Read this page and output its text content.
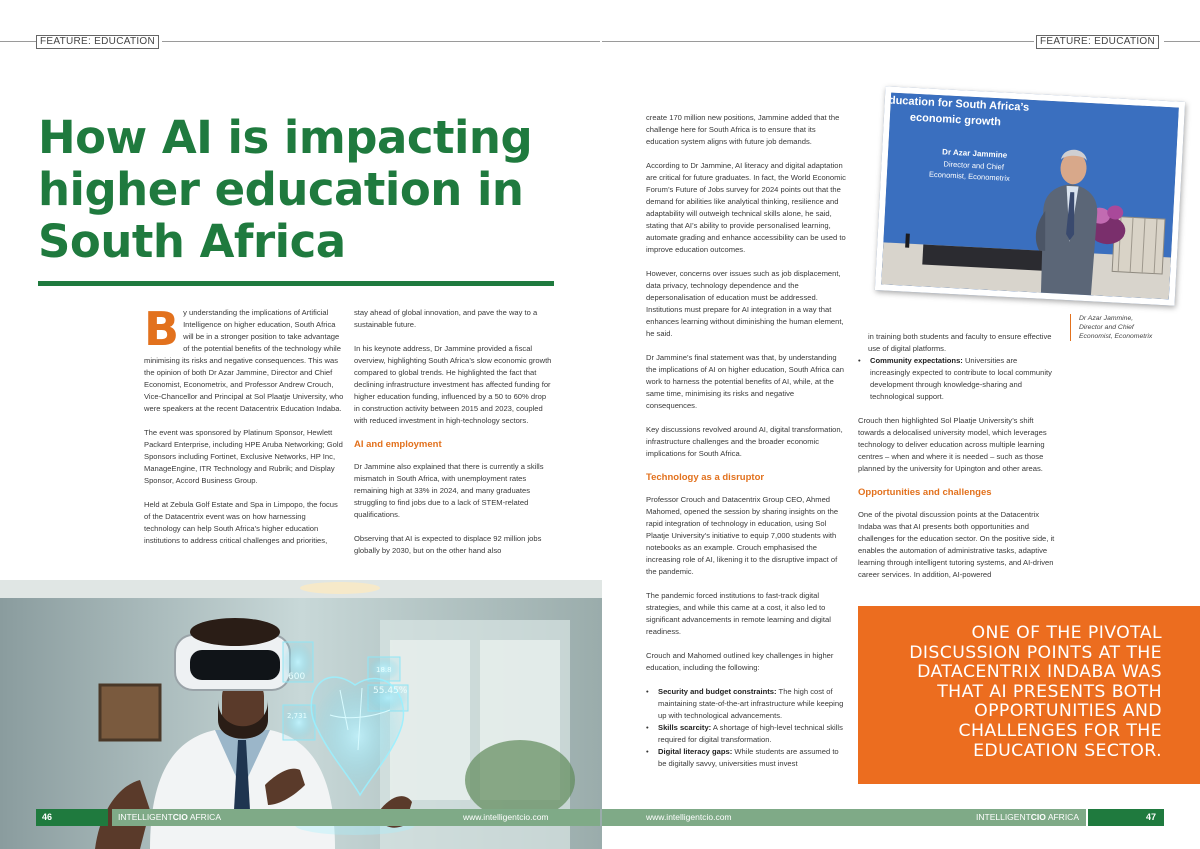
FEATURE: EDUCATION	FEATURE: EDUCATION
How AI is impacting
higher education in
South Africa

By understanding the implications of Artificial Intelligence on higher education, South Africa will be in a stronger position to take advantage of the potential benefits of the technology while minimising its risks and negative consequences. This was the opinion of both Dr Azar Jammine, Director and Chief Economist, Econometrix, and Professor Andrew Crouch, Vice-Chancellor and Principal at Sol Plaatje University, who were speakers at the recent Datacentrix Education Indaba.

The event was sponsored by Platinum Sponsor, Hewlett Packard Enterprise, including HPE Aruba Networking; Gold Sponsors including Fortinet, Exclusive Networks, HP Inc, ManageEngine, ITR Technology and Rubrik; and Display Sponsor, Accord Business Group.

Held at Zebula Golf Estate and Spa in Limpopo, the focus of the Datacentrix event was on how harnessing technology can help South Africa’s higher education institutions to address critical challenges and priorities,

stay ahead of global innovation, and pave the way to a sustainable future.

In his keynote address, Dr Jammine provided a fiscal overview, highlighting South Africa’s slow economic growth compared to global trends. He highlighted the fact that declining infrastructure investment has affected funding for higher education funding, influenced by a 50 to 60% drop in construction activity between 2015 and 2023, coupled with reduced investment in high-technology sectors.

AI and employment

Dr Jammine also explained that there is currently a skills mismatch in South Africa, with unemployment rates remaining high at 33% in 2024, and many graduates struggling to find jobs due to a lack of STEM-related qualifications.

Observing that AI is expected to displace 92 million jobs globally by 2030, but on the other hand also

600
2,731
18.8
55.45%

create 170 million new positions, Jammine added that the challenge here for South Africa is to ensure that its education system aligns with future job demands.

According to Dr Jammine, AI literacy and digital adaptation are critical for future graduates. In fact, the World Economic Forum’s Future of Jobs survey for 2024 points out that the demand for abilities like analytical thinking, resilience and adaptability will outweigh technical skills alone, he said, stating that AI’s ability to provide personalised learning, automate grading and enhance accessibility can be used to improve education outcomes.

However, concerns over issues such as job displacement, data privacy, technology dependence and the depersonalisation of education must be addressed. Institutions must prepare for AI integration in a way that enhances learning without diminishing the human element, he said.

Dr Jammine’s final statement was that, by understanding the implications of AI on higher education, South Africa can work to harness the potential benefits of AI, while, at the same time, minimising its risks and negative consequences.

Key discussions revolved around AI, digital transformation, infrastructure challenges and the broader economic implications for South Africa.

Technology as a disruptor

Professor Crouch and Datacentrix Group CEO, Ahmed Mahomed, opened the session by sharing insights on the rapid integration of technology in education, using Sol Plaatje University’s initiative to equip 7,000 students with notebooks as an example. Crouch emphasised the increasing role of AI, likening it to the disruptive impact of the pandemic.

The pandemic forced institutions to fast-track digital strategies, and while this came at a cost, it also led to significant advancements in remote learning and digital readiness.

Crouch and Mahomed outlined key challenges in higher education, including the following:

• Security and budget constraints: The high cost of maintaining state-of-the-art infrastructure while keeping up with technological advancements.
• Skills scarcity: A shortage of high-level technical skills required for digital transformation.
• Digital literacy gaps: While students are assumed to be digitally savvy, universities must invest
education for South Africa’s
economic growth
Dr Azar Jammine
Director and Chief
Economist, Econometrix
Dr Azar Jammine,
Director and Chief
Economist, Econometrix

in training both students and faculty to ensure effective use of digital platforms.

• Community expectations: Universities are increasingly expected to contribute to local community development through knowledge-sharing and technological support.

Crouch then highlighted Sol Plaatje University’s shift towards a delocalised university model, which leverages technology to deliver education across multiple learning centres – when and where it is needed – such as those planned by the university for Upington and other areas.

Opportunities and challenges

One of the pivotal discussion points at the Datacentrix Indaba was that AI presents both opportunities and challenges for the education sector. On the positive side, it enables the automation of administrative tasks, adaptive learning through intelligent tutoring systems, and AI-driven career services. In addition, AI-powered

ONE OF THE PIVOTAL DISCUSSION POINTS AT THE DATACENTRIX INDABA WAS THAT AI PRESENTS BOTH OPPORTUNITIES AND CHALLENGES FOR THE EDUCATION SECTOR.
46	INTELLIGENTCIO AFRICA	www.intelligentcio.com	www.intelligentcio.com	INTELLIGENTCIO AFRICA	47
